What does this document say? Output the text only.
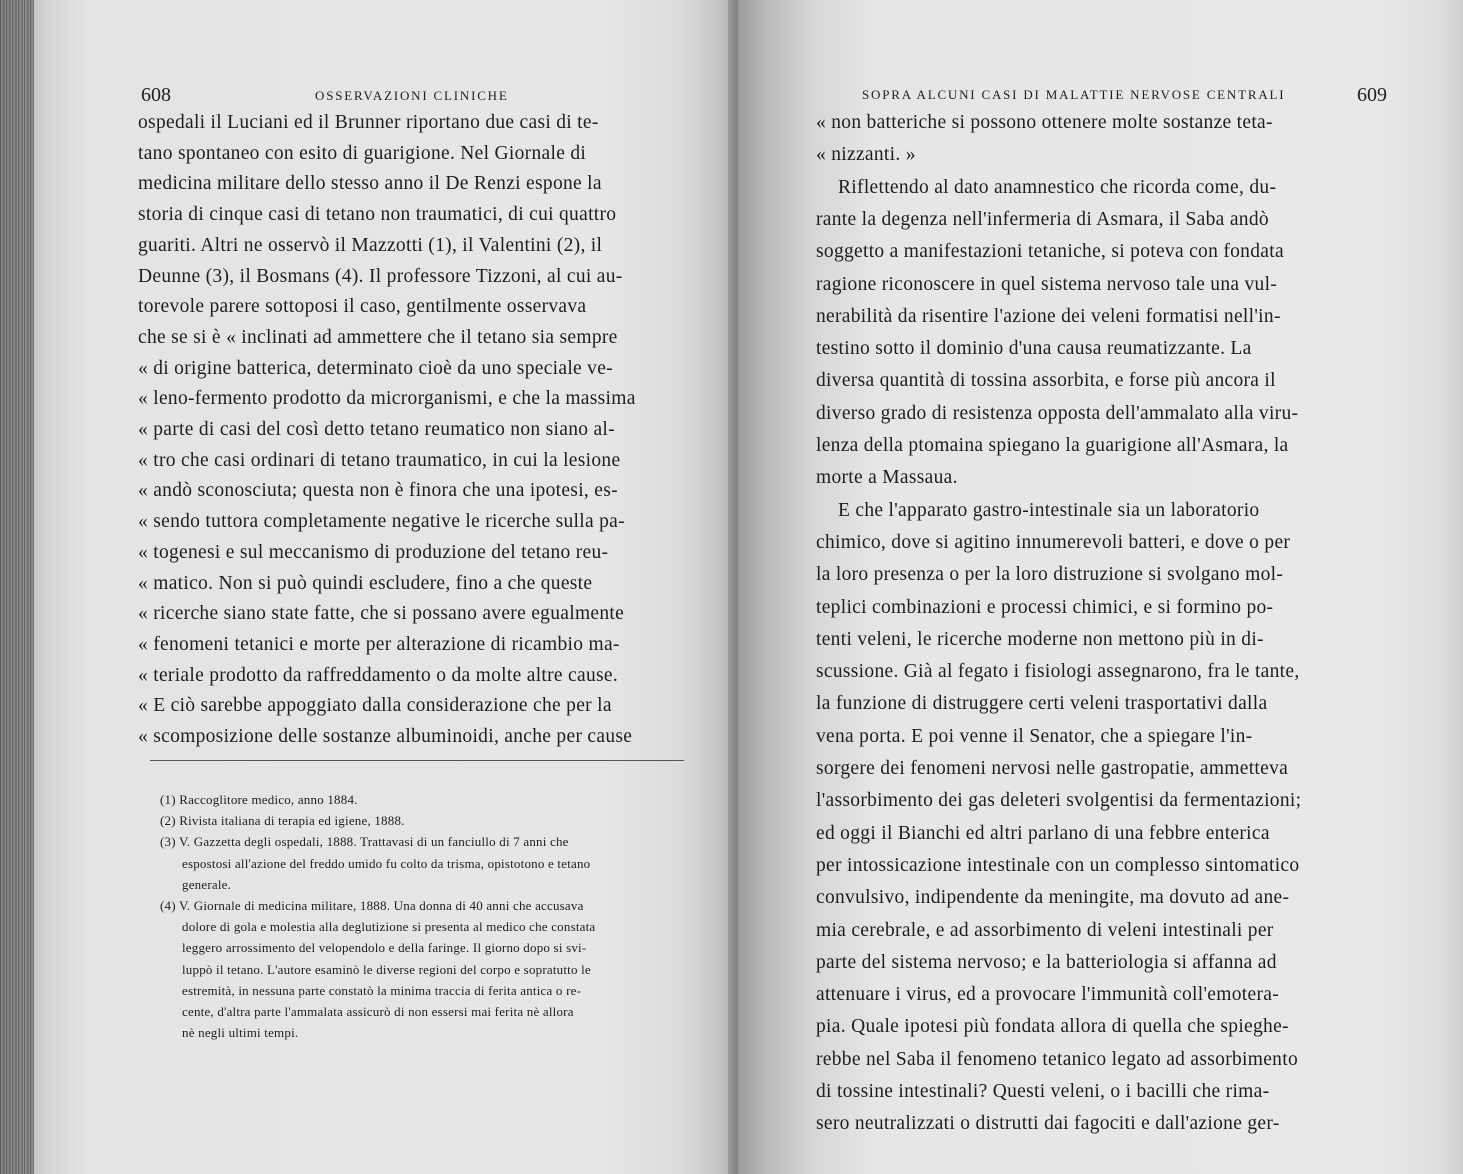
608	OSSERVAZIONI CLINICHE
ospedali il Luciani ed il Brunner riportano due casi di te-
tano spontaneo con esito di guarigione. Nel Giornale di
medicina militare dello stesso anno il De Renzi espone la
storia di cinque casi di tetano non traumatici, di cui quattro
guariti. Altri ne osservò il Mazzotti (1), il Valentini (2), il
Deunne (3), il Bosmans (4). Il professore Tizzoni, al cui au-
torevole parere sottoposi il caso, gentilmente osservava
che se si è « inclinati ad ammettere che il tetano sia sempre
« di origine batterica, determinato cioè da uno speciale ve-
« leno-fermento prodotto da microrganismi, e che la massima
« parte di casi del così detto tetano reumatico non siano al-
« tro che casi ordinari di tetano traumatico, in cui la lesione
« andò sconosciuta; questa non è finora che una ipotesi, es-
« sendo tuttora completamente negative le ricerche sulla pa-
« togenesi e sul meccanismo di produzione del tetano reu-
« matico. Non si può quindi escludere, fino a che queste
« ricerche siano state fatte, che si possano avere egualmente
« fenomeni tetanici e morte per alterazione di ricambio ma-
« teriale prodotto da raffreddamento o da molte altre cause.
« E ciò sarebbe appoggiato dalla considerazione che per la
« scomposizione delle sostanze albuminoidi, anche per cause
(1) Raccoglitore medico, anno 1884.
(2) Rivista italiana di terapia ed igiene, 1888.
(3) V. Gazzetta degli ospedali, 1888. Trattavasi di un fanciullo di 7 anni che
espostosi all'azione del freddo umido fu colto da trisma, opistotono e tetano
generale.
(4) V. Giornale di medicina militare, 1888. Una donna di 40 anni che accusava
dolore di gola e molestia alla deglutizione si presenta al medico che constata
leggero arrossimento del velopendolo e della faringe. Il giorno dopo si svi-
luppò il tetano. L'autore esaminò le diverse regioni del corpo e sopratutto le
estremità, in nessuna parte constatò la minima traccia di ferita antica o re-
cente, d'altra parte l'ammalata assicurò di non essersi mai ferita nè allora
nè negli ultimi tempi.
SOPRA ALCUNI CASI DI MALATTIE NERVOSE CENTRALI	609
« non batteriche si possono ottenere molte sostanze teta-
« nizzanti. »
Riflettendo al dato anamnestico che ricorda come, du-
rante la degenza nell'infermeria di Asmara, il Saba andò
soggetto a manifestazioni tetaniche, si poteva con fondata
ragione riconoscere in quel sistema nervoso tale una vul-
nerabilità da risentire l'azione dei veleni formatisi nell'in-
testino sotto il dominio d'una causa reumatizzante. La
diversa quantità di tossina assorbita, e forse più ancora il
diverso grado di resistenza opposta dell'ammalato alla viru-
lenza della ptomaina spiegano la guarigione all'Asmara, la
morte a Massaua.
E che l'apparato gastro-intestinale sia un laboratorio
chimico, dove si agitino innumerevoli batteri, e dove o per
la loro presenza o per la loro distruzione si svolgano mol-
teplici combinazioni e processi chimici, e si formino po-
tenti veleni, le ricerche moderne non mettono più in di-
scussione. Già al fegato i fisiologi assegnarono, fra le tante,
la funzione di distruggere certi veleni trasportativi dalla
vena porta. E poi venne il Senator, che a spiegare l'in-
sorgere dei fenomeni nervosi nelle gastropatie, ammetteva
l'assorbimento dei gas deleteri svolgentisi da fermentazioni;
ed oggi il Bianchi ed altri parlano di una febbre enterica
per intossicazione intestinale con un complesso sintomatico
convulsivo, indipendente da meningite, ma dovuto ad ane-
mia cerebrale, e ad assorbimento di veleni intestinali per
parte del sistema nervoso; e la batteriologia si affanna ad
attenuare i virus, ed a provocare l'immunità coll'emotera-
pia. Quale ipotesi più fondata allora di quella che spieghe-
rebbe nel Saba il fenomeno tetanico legato ad assorbimento
di tossine intestinali? Questi veleni, o i bacilli che rima-
sero neutralizzati o distrutti dai fagociti e dall'azione ger-
